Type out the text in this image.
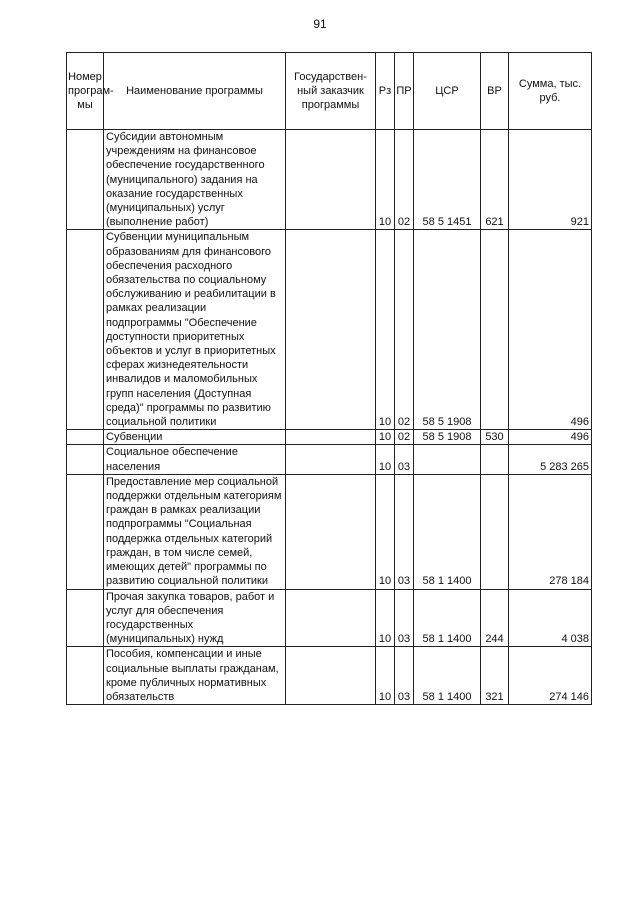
91
Номер програм-мы	Наименование программы	Государствен-ный заказчик программы	Рз	ПР	ЦСР	ВР	Сумма, тыс. руб.
	Субсидии автономным учреждениям на финансовое обеспечение государственного (муниципального) задания на оказание государственных (муниципальных) услуг (выполнение работ)		10	02	58 5 1451	621	921
	Субвенции муниципальным образованиям для финансового обеспечения расходного обязательства по социальному обслуживанию и реабилитации в рамках реализации подпрограммы "Обеспечение доступности приоритетных объектов и услуг в приоритетных сферах жизнедеятельности инвалидов и маломобильных групп населения (Доступная среда)" программы по развитию социальной политики		10	02	58 5 1908		496
	Субвенции		10	02	58 5 1908	530	496
	Социальное обеспечение населения		10	03			5 283 265
	Предоставление мер социальной поддержки отдельным категориям граждан в рамках реализации подпрограммы "Социальная поддержка отдельных категорий граждан, в том числе семей, имеющих детей" программы по развитию социальной политики		10	03	58 1 1400		278 184
	Прочая закупка товаров, работ и услуг для обеспечения государственных (муниципальных) нужд		10	03	58 1 1400	244	4 038
	Пособия, компенсации и иные социальные выплаты гражданам, кроме публичных нормативных обязательств		10	03	58 1 1400	321	274 146
